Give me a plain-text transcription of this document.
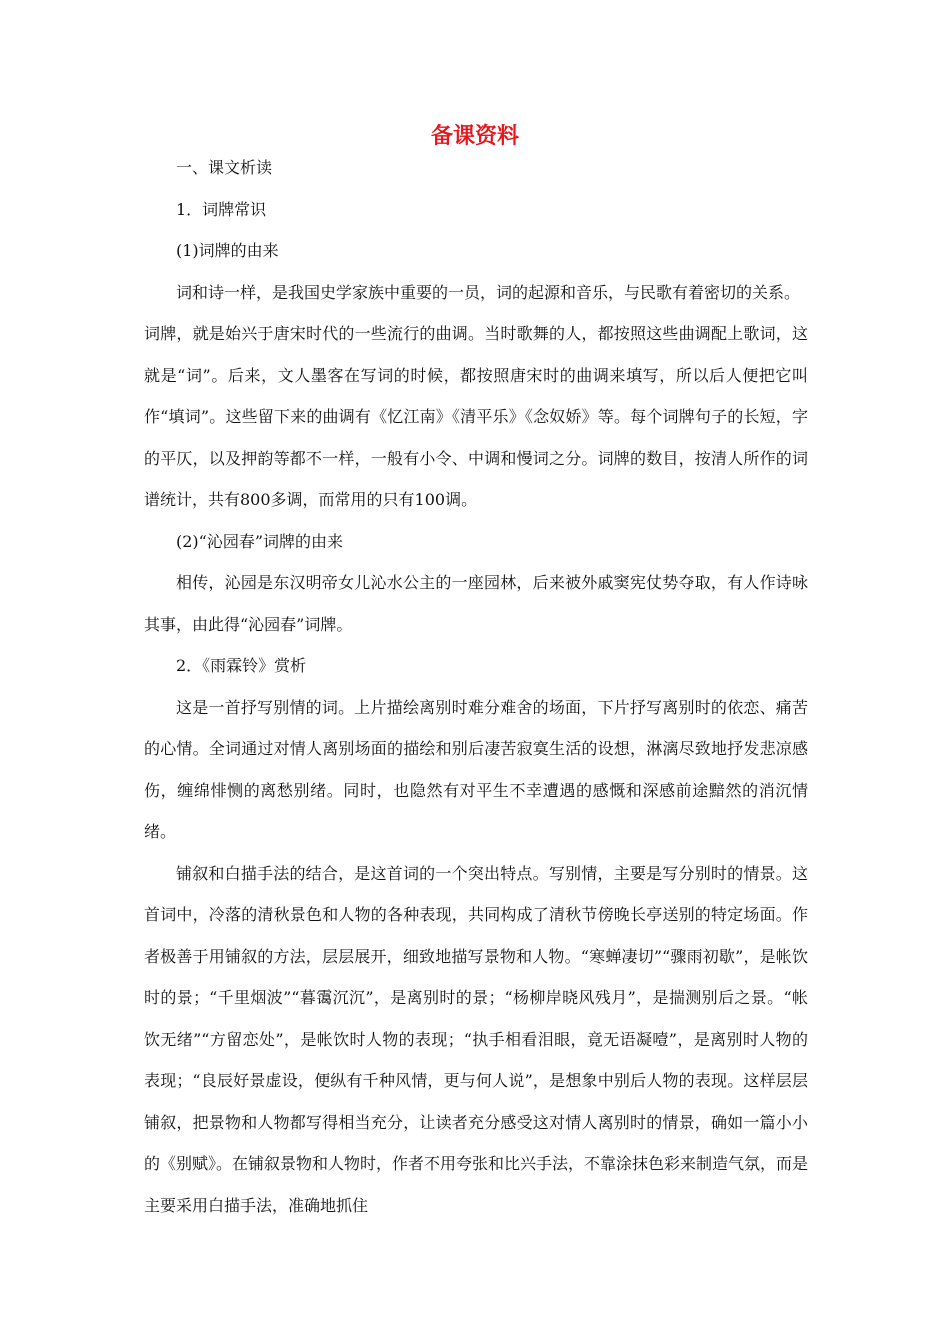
备课资料

一、课文析读

1．词牌常识

(1)词牌的由来

词和诗一样，是我国史学家族中重要的一员，词的起源和音乐，与民歌有着密切的关系。

词牌，就是始兴于唐宋时代的一些流行的曲调。当时歌舞的人，都按照这些曲调配上歌词，这就是“词”。后来，文人墨客在写词的时候，都按照唐宋时的曲调来填写，所以后人便把它叫作“填词”。这些留下来的曲调有《忆江南》《清平乐》《念奴娇》等。每个词牌句子的长短，字的平仄，以及押韵等都不一样，一般有小令、中调和慢词之分。词牌的数目，按清人所作的词谱统计，共有800多调，而常用的只有100调。

(2)“沁园春”词牌的由来

相传，沁园是东汉明帝女儿沁水公主的一座园林，后来被外戚窦宪仗势夺取，有人作诗咏其事，由此得“沁园春”词牌。

2．《雨霖铃》赏析

这是一首抒写别情的词。上片描绘离别时难分难舍的场面，下片抒写离别时的依恋、痛苦的心情。全词通过对情人离别场面的描绘和别后凄苦寂寞生活的设想，淋漓尽致地抒发悲凉感伤，缠绵悱恻的离愁别绪。同时，也隐然有对平生不幸遭遇的感慨和深感前途黯然的消沉情绪。

铺叙和白描手法的结合，是这首词的一个突出特点。写别情，主要是写分别时的情景。这首词中，冷落的清秋景色和人物的各种表现，共同构成了清秋节傍晚长亭送别的特定场面。作者极善于用铺叙的方法，层层展开，细致地描写景物和人物。“寒蝉凄切”“骤雨初歇”，是帐饮时的景；“千里烟波”“暮霭沉沉”，是离别时的景；“杨柳岸晓风残月”，是揣测别后之景。“帐饮无绪”“方留恋处”，是帐饮时人物的表现；“执手相看泪眼，竟无语凝噎”，是离别时人物的表现；“良辰好景虚设，便纵有千种风情，更与何人说”，是想象中别后人物的表现。这样层层铺叙，把景物和人物都写得相当充分，让读者充分感受这对情人离别时的情景，确如一篇小小的《别赋》。在铺叙景物和人物时，作者不用夸张和比兴手法，不靠涂抹色彩来制造气氛，而是主要采用白描手法，准确地抓住
